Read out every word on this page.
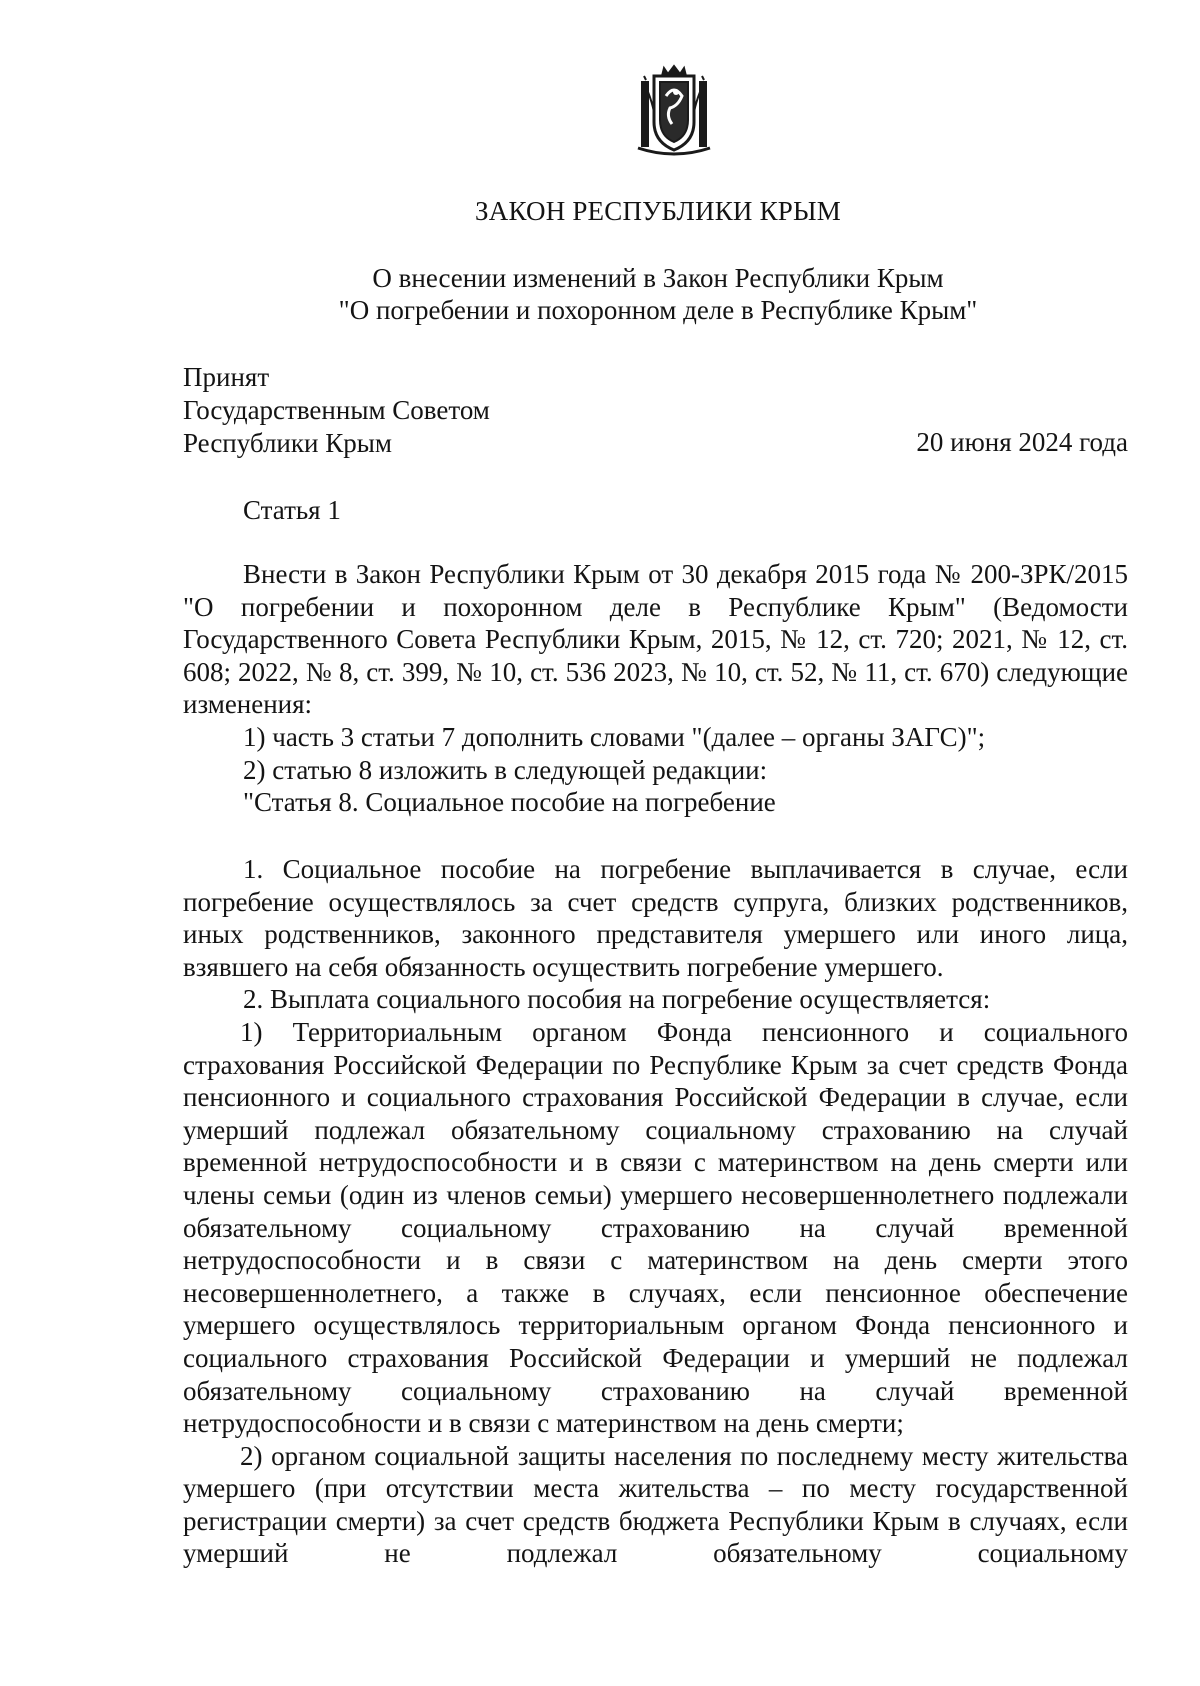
ЗАКОН РЕСПУБЛИКИ КРЫМ
О внесении изменений в Закон Республики Крым
"О погребении и похоронном деле в Республике Крым"
Принят
Государственным Советом
Республики Крым	20 июня 2024 года
Статья 1

Внести в Закон Республики Крым от 30 декабря 2015 года № 200-ЗРК/2015 "О погребении и похоронном деле в Республике Крым" (Ведомости Государственного Совета Республики Крым, 2015, № 12, ст. 720; 2021, № 12, ст. 608; 2022, № 8, ст. 399, № 10, ст. 536 2023, № 10, ст. 52, № 11, ст. 670) следующие изменения:

1) часть 3 статьи 7 дополнить словами "(далее – органы ЗАГС)";

2) статью 8 изложить в следующей редакции:

"Статья 8. Социальное пособие на погребение

1. Социальное пособие на погребение выплачивается в случае, если погребение осуществлялось за счет средств супруга, близких родственников, иных родственников, законного представителя умершего или иного лица, взявшего на себя обязанность осуществить погребение умершего.

2. Выплата социального пособия на погребение осуществляется:

1) Территориальным органом Фонда пенсионного и социального страхования Российской Федерации по Республике Крым за счет средств Фонда пенсионного и социального страхования Российской Федерации в случае, если умерший подлежал обязательному социальному страхованию на случай временной нетрудоспособности и в связи с материнством на день смерти или члены семьи (один из членов семьи) умершего несовершеннолетнего подлежали обязательному социальному страхованию на случай временной нетрудоспособности и в связи с материнством на день смерти этого несовершеннолетнего, а также в случаях, если пенсионное обеспечение умершего осуществлялось территориальным органом Фонда пенсионного и социального страхования Российской Федерации и умерший не подлежал обязательному социальному страхованию на случай временной нетрудоспособности и в связи с материнством на день смерти;

2) органом социальной защиты населения по последнему месту жительства умершего (при отсутствии места жительства – по месту государственной регистрации смерти) за счет средств бюджета Республики Крым в случаях, если умерший не подлежал обязательному социальному
